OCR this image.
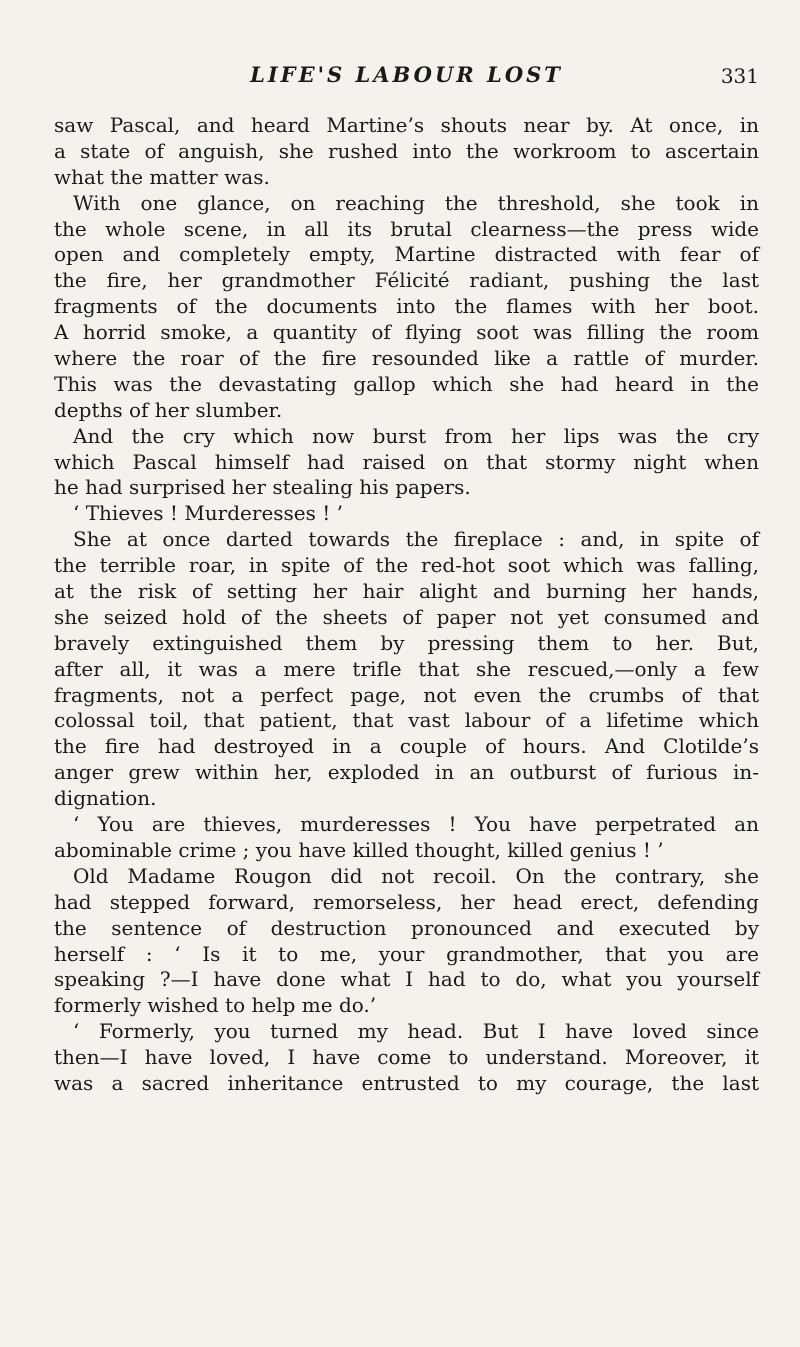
LIFE'S LABOUR LOST	331
saw Pascal, and heard Martine’s shouts near by. At once, in
a state of anguish, she rushed into the workroom to ascertain
what the matter was.
With one glance, on reaching the threshold, she took in
the whole scene, in all its brutal clearness—the press wide
open and completely empty, Martine distracted with fear of
the fire, her grandmother Félicité radiant, pushing the last
fragments of the documents into the flames with her boot.
A horrid smoke, a quantity of flying soot was filling the room
where the roar of the fire resounded like a rattle of murder.
This was the devastating gallop which she had heard in the
depths of her slumber.
And the cry which now burst from her lips was the cry
which Pascal himself had raised on that stormy night when
he had surprised her stealing his papers.
‘ Thieves ! Murderesses ! ’
She at once darted towards the fireplace : and, in spite of
the terrible roar, in spite of the red-hot soot which was falling,
at the risk of setting her hair alight and burning her hands,
she seized hold of the sheets of paper not yet consumed and
bravely extinguished them by pressing them to her. But,
after all, it was a mere trifle that she rescued,—only a few
fragments, not a perfect page, not even the crumbs of that
colossal toil, that patient, that vast labour of a lifetime which
the fire had destroyed in a couple of hours. And Clotilde’s
anger grew within her, exploded in an outburst of furious in-
dignation.
‘ You are thieves, murderesses ! You have perpetrated an
abominable crime ; you have killed thought, killed genius ! ’
Old Madame Rougon did not recoil. On the contrary, she
had stepped forward, remorseless, her head erect, defending
the sentence of destruction pronounced and executed by
herself : ‘ Is it to me, your grandmother, that you are
speaking ?—I have done what I had to do, what you yourself
formerly wished to help me do.’
‘ Formerly, you turned my head. But I have loved since
then—I have loved, I have come to understand. Moreover, it
was a sacred inheritance entrusted to my courage, the last
